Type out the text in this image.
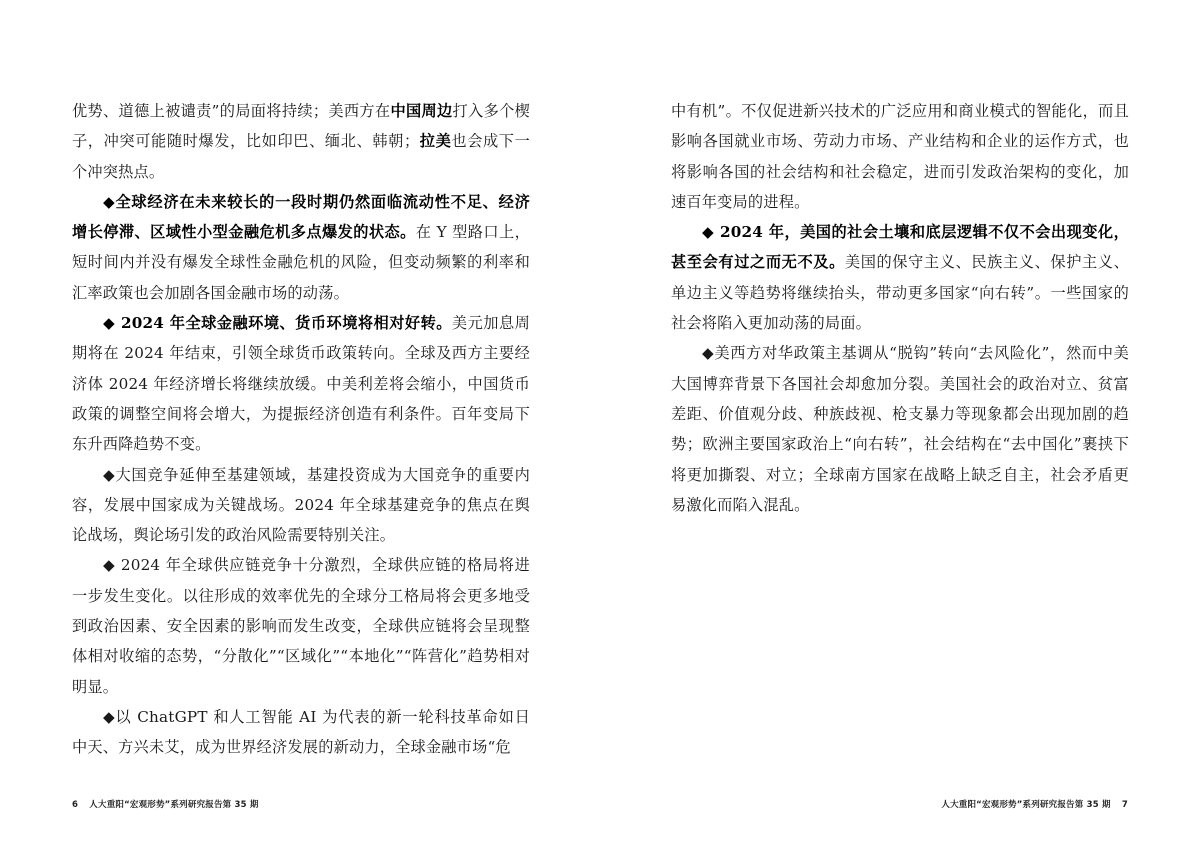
优势、道德上被谴责”的局面将持续；美西方在中国周边打入多个楔子，冲突可能随时爆发，比如印巴、缅北、韩朝；拉美也会成下一个冲突热点。

◆全球经济在未来较长的一段时期仍然面临流动性不足、经济增长停滞、区域性小型金融危机多点爆发的状态。在 Y 型路口上，短时间内并没有爆发全球性金融危机的风险，但变动频繁的利率和汇率政策也会加剧各国金融市场的动荡。

◆ 2024 年全球金融环境、货币环境将相对好转。美元加息周期将在 2024 年结束，引领全球货币政策转向。全球及西方主要经济体 2024 年经济增长将继续放缓。中美利差将会缩小，中国货币政策的调整空间将会增大，为提振经济创造有利条件。百年变局下东升西降趋势不变。

◆大国竞争延伸至基建领域，基建投资成为大国竞争的重要内容，发展中国家成为关键战场。2024 年全球基建竞争的焦点在舆论战场，舆论场引发的政治风险需要特别关注。

◆ 2024 年全球供应链竞争十分激烈，全球供应链的格局将进一步发生变化。以往形成的效率优先的全球分工格局将会更多地受到政治因素、安全因素的影响而发生改变，全球供应链将会呈现整体相对收缩的态势，“分散化”“区域化”“本地化”“阵营化”趋势相对明显。

◆以 ChatGPT 和人工智能 AI 为代表的新一轮科技革命如日中天、方兴未艾，成为世界经济发展的新动力，全球金融市场“危

6 人大重阳“宏观形势”系列研究报告第 35 期

中有机”。不仅促进新兴技术的广泛应用和商业模式的智能化，而且影响各国就业市场、劳动力市场、产业结构和企业的运作方式，也将影响各国的社会结构和社会稳定，进而引发政治架构的变化，加速百年变局的进程。

◆ 2024 年，美国的社会土壤和底层逻辑不仅不会出现变化，甚至会有过之而无不及。美国的保守主义、民族主义、保护主义、单边主义等趋势将继续抬头，带动更多国家“向右转”。一些国家的社会将陷入更加动荡的局面。

◆美西方对华政策主基调从“脱钩”转向“去风险化”，然而中美大国博弈背景下各国社会却愈加分裂。美国社会的政治对立、贫富差距、价值观分歧、种族歧视、枪支暴力等现象都会出现加剧的趋势；欧洲主要国家政治上“向右转”，社会结构在“去中国化”裹挟下将更加撕裂、对立；全球南方国家在战略上缺乏自主，社会矛盾更易激化而陷入混乱。

人大重阳“宏观形势”系列研究报告第 35 期 7
